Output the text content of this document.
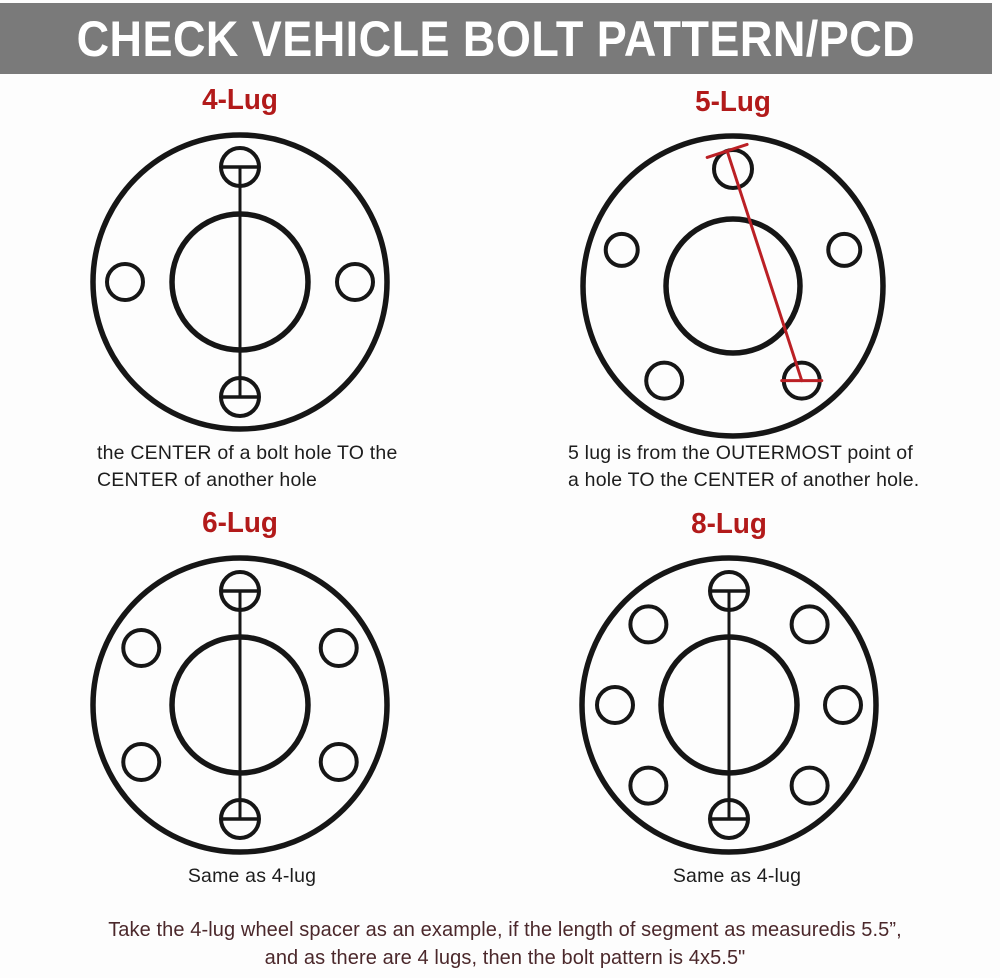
CHECK VEHICLE BOLT PATTERN/PCD
4-Lug
the CENTER of a bolt hole TO the
CENTER of another hole
5-Lug
5 lug is from the OUTERMOST point of
a hole TO the CENTER of another hole.
6-Lug
Same as 4-lug
8-Lug
Same as 4-lug
Take the 4-lug wheel spacer as an example, if the length of segment as measuredis 5.5”,
and as there are 4 lugs, then the bolt pattern is 4x5.5"
